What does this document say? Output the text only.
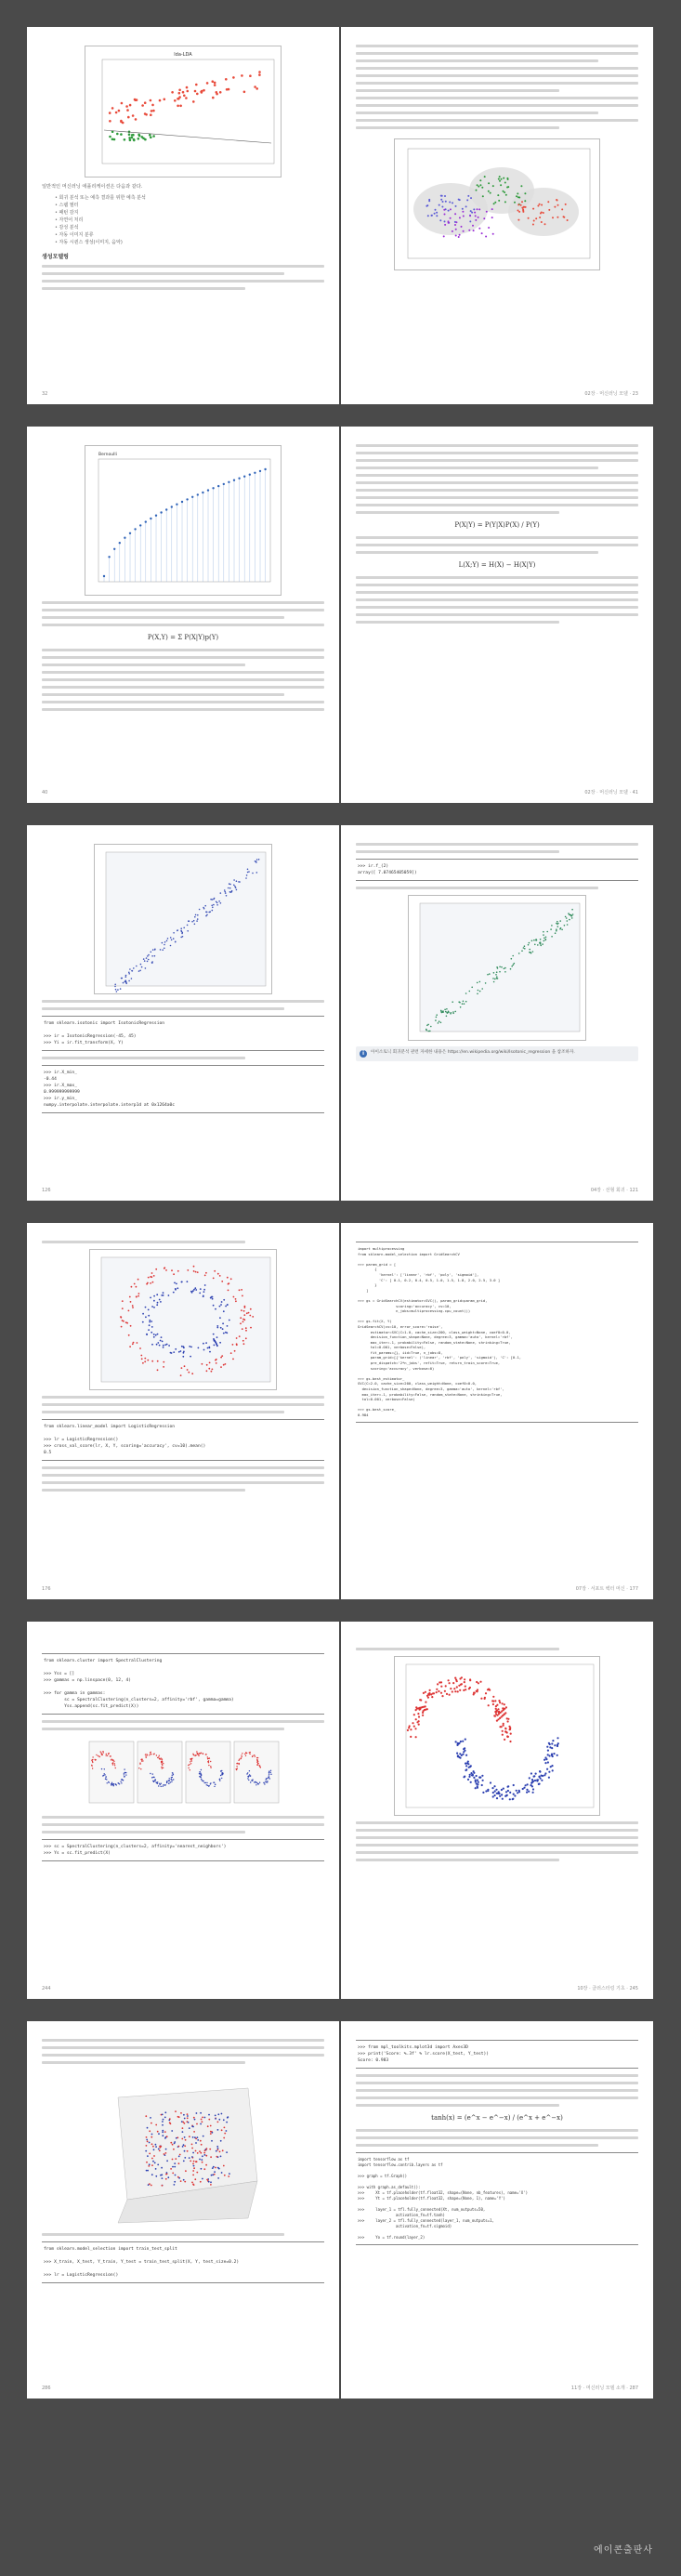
lda-LDA

일반적인 머신러닝 애플리케이션은 다음과 같다.

• 회귀 분석 또는 예측 결과를 위한 예측 분석
• 스팸 필터
• 패턴 감지
• 자연어 처리
• 감성 분석
• 자동 이미지 분류
• 자동 시퀀스 생성(이미지, 음악)
생성모델링
32	02장 · 머신러닝 모델 · 23
Bernoulli
P(X,Y) = Σ P(X|Y)p(Y)
40
P(X|Y) = P(Y|X)P(X) / P(Y)
L(X;Y) = H(X) − H(X|Y)
02장 · 머신러닝 모델 · 41
from sklearn.isotonic import IsotonicRegression

>>> ir = IsotonicRegression(-45, 45)
>>> Yi = ir.fit_transform(X, Y)
>>> ir.X_min_
-0.44
>>> ir.X_max_
0.999999999999
>>> ir.y_min_
numpy.interpolate.interpolate.interp1d at 0x1264a0c
126
>>> ir.f_(2)
array([ 7.07465405059])
i	아이소토닉 회귀분석 관련 자세한 내용은 https://en.wikipedia.org/wiki/Isotonic_regression 을 참조하자.
04장 · 선형 회귀 · 121
from sklearn.linear_model import LogisticRegression

>>> lr = LogisticRegression()
>>> cross_val_score(lr, X, Y, scoring='accuracy', cv=10).mean()
0.5
176
import multiprocessing
from sklearn.model_selection import GridSearchCV

>>> param_grid = [
{
'kernel': ['linear', 'rbf', 'poly', 'sigmoid'],
'C': [ 0.1, 0.2, 0.4, 0.5, 1.0, 1.5, 1.8, 2.0, 2.5, 3.0 ]
}
]

>>> gs = GridSearchCV(estimator=SVC(), param_grid=param_grid,
scoring='accuracy', cv=10,
n_jobs=multiprocessing.cpu_count())

>>> gs.fit(X, Y)
GridSearchCV(cv=10, error_score='raise',
estimator=SVC(C=1.0, cache_size=200, class_weight=None, coef0=0.0,
decision_function_shape=None, degree=3, gamma='auto', kernel='rbf',
max_iter=-1, probability=False, random_state=None, shrinking=True,
tol=0.001, verbose=False),
fit_params={}, iid=True, n_jobs=8,
param_grid=[{'kernel': ('linear', 'rbf', 'poly', 'sigmoid'), 'C': [0.1,
pre_dispatch='2*n_jobs', refit=True, return_train_score=True,
scoring='accuracy', verbose=0)

>>> gs.best_estimator_
SVC(C=2.0, cache_size=200, class_weight=None, coef0=0.0,
decision_function_shape=None, degree=3, gamma='auto', kernel='rbf',
max_iter=-1, probability=False, random_state=None, shrinking=True,
tol=0.001, verbose=False)

>>> gs.best_score_
0.984
07장 · 서포트 벡터 머신 · 177
from sklearn.cluster import SpectralClustering

>>> Yss = []
>>> gammas = np.linspace(0, 12, 4)

>>> for gamma in gammas:
sc = SpectralClustering(n_clusters=2, affinity='rbf', gamma=gamma)
Yss.append(sc.fit_predict(X))
>>> sc = SpectralClustering(n_clusters=2, affinity='nearest_neighbors')
>>> Ys = sc.fit_predict(X)
244	10장 · 클러스터링 기초 · 245
from sklearn.model_selection import train_test_split

>>> X_train, X_test, Y_train, Y_test = train_test_split(X, Y, test_size=0.2)

>>> lr = LogisticRegression()
286
>>> from mpl_toolkits.mplot3d import Axes3D
>>> print('Score: %.3f' % lr.score(X_test, Y_test))
Score: 0.983
tanh(x) = (e^x − e^−x) / (e^x + e^−x)
import tensorflow as tf
import tensorflow.contrib.layers as tf

>>> graph = tf.Graph()

>>> with graph.as_default():
>>>     Xt = tf.placeholder(tf.float32, shape=(None, nb_features), name='X')
>>>     Yt = tf.placeholder(tf.float32, shape=(None, 1), name='Y')

>>>     layer_1 = tfl.fully_connected(Xt, num_outputs=50,
activation_fn=tf.tanh)
>>>     layer_2 = tfl.fully_connected(layer_1, num_outputs=1,
activation_fn=tf.sigmoid)

>>>     Yo = tf.round(layer_2)
11장 · 머신러닝 모델 소개 · 287
에이콘출판사
